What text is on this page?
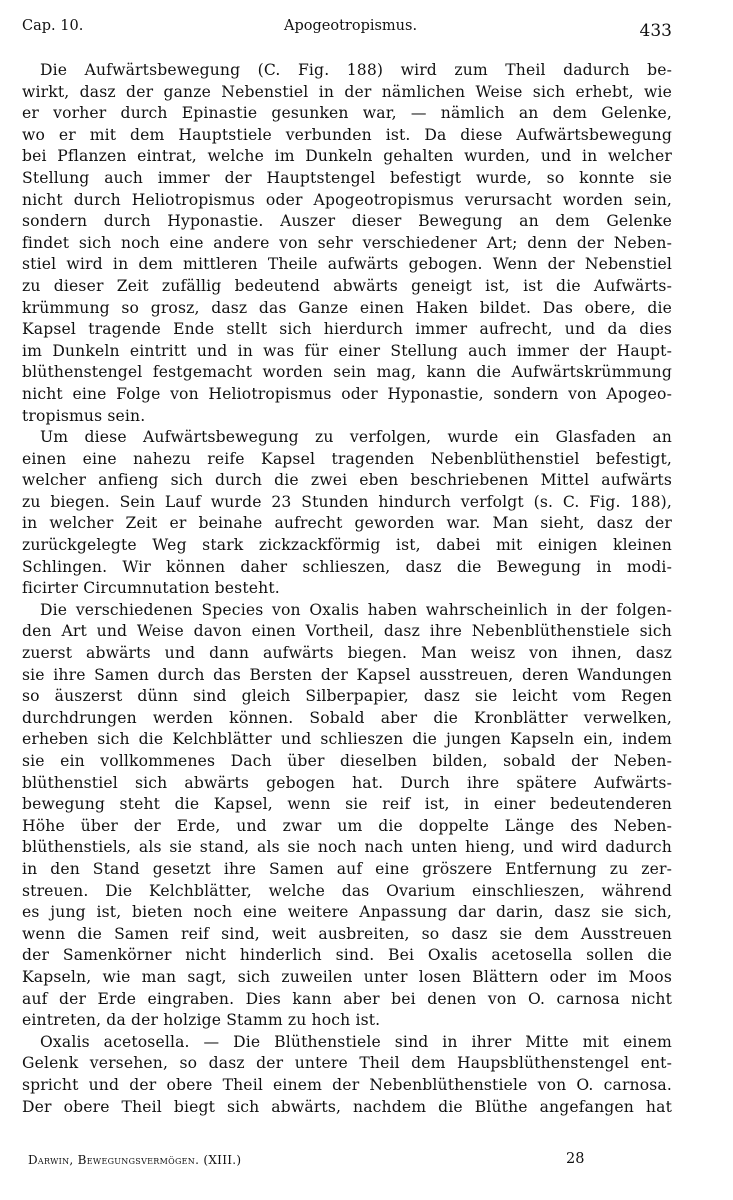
Cap. 10.	Apogeotropismus.	433
Die Aufwärtsbewegung (C. Fig. 188) wird zum Theil dadurch be-
wirkt, dasz der ganze Nebenstiel in der nämlichen Weise sich erhebt, wie
er vorher durch Epinastie gesunken war, — nämlich an dem Gelenke,
wo er mit dem Hauptstiele verbunden ist. Da diese Aufwärtsbewegung
bei Pflanzen eintrat, welche im Dunkeln gehalten wurden, und in welcher
Stellung auch immer der Hauptstengel befestigt wurde, so konnte sie
nicht durch Heliotropismus oder Apogeotropismus verursacht worden sein,
sondern durch Hyponastie. Auszer dieser Bewegung an dem Gelenke
findet sich noch eine andere von sehr verschiedener Art; denn der Neben-
stiel wird in dem mittleren Theile aufwärts gebogen. Wenn der Nebenstiel
zu dieser Zeit zufällig bedeutend abwärts geneigt ist, ist die Aufwärts-
krümmung so grosz, dasz das Ganze einen Haken bildet. Das obere, die
Kapsel tragende Ende stellt sich hierdurch immer aufrecht, und da dies
im Dunkeln eintritt und in was für einer Stellung auch immer der Haupt-
blüthenstengel festgemacht worden sein mag, kann die Aufwärtskrümmung
nicht eine Folge von Heliotropismus oder Hyponastie, sondern von Apogeo-
tropismus sein.
Um diese Aufwärtsbewegung zu verfolgen, wurde ein Glasfaden an
einen eine nahezu reife Kapsel tragenden Nebenblüthenstiel befestigt,
welcher anfieng sich durch die zwei eben beschriebenen Mittel aufwärts
zu biegen. Sein Lauf wurde 23 Stunden hindurch verfolgt (s. C. Fig. 188),
in welcher Zeit er beinahe aufrecht geworden war. Man sieht, dasz der
zurückgelegte Weg stark zickzackförmig ist, dabei mit einigen kleinen
Schlingen. Wir können daher schlieszen, dasz die Bewegung in modi-
ficirter Circumnutation besteht.
Die verschiedenen Species von Oxalis haben wahrscheinlich in der folgen-
den Art und Weise davon einen Vortheil, dasz ihre Nebenblüthenstiele sich
zuerst abwärts und dann aufwärts biegen. Man weisz von ihnen, dasz
sie ihre Samen durch das Bersten der Kapsel ausstreuen, deren Wandungen
so äuszerst dünn sind gleich Silberpapier, dasz sie leicht vom Regen
durchdrungen werden können. Sobald aber die Kronblätter verwelken,
erheben sich die Kelchblätter und schlieszen die jungen Kapseln ein, indem
sie ein vollkommenes Dach über dieselben bilden, sobald der Neben-
blüthenstiel sich abwärts gebogen hat. Durch ihre spätere Aufwärts-
bewegung steht die Kapsel, wenn sie reif ist, in einer bedeutenderen
Höhe über der Erde, und zwar um die doppelte Länge des Neben-
blüthenstiels, als sie stand, als sie noch nach unten hieng, und wird dadurch
in den Stand gesetzt ihre Samen auf eine gröszere Entfernung zu zer-
streuen. Die Kelchblätter, welche das Ovarium einschlieszen, während
es jung ist, bieten noch eine weitere Anpassung dar darin, dasz sie sich,
wenn die Samen reif sind, weit ausbreiten, so dasz sie dem Ausstreuen
der Samenkörner nicht hinderlich sind. Bei Oxalis acetosella sollen die
Kapseln, wie man sagt, sich zuweilen unter losen Blättern oder im Moos
auf der Erde eingraben. Dies kann aber bei denen von O. carnosa nicht
eintreten, da der holzige Stamm zu hoch ist.
Oxalis acetosella. — Die Blüthenstiele sind in ihrer Mitte mit einem
Gelenk versehen, so dasz der untere Theil dem Haupsblüthenstengel ent-
spricht und der obere Theil einem der Nebenblüthenstiele von O. carnosa.
Der obere Theil biegt sich abwärts, nachdem die Blüthe angefangen hat
Darwin, Bewegungsvermögen. (XIII.)	28
